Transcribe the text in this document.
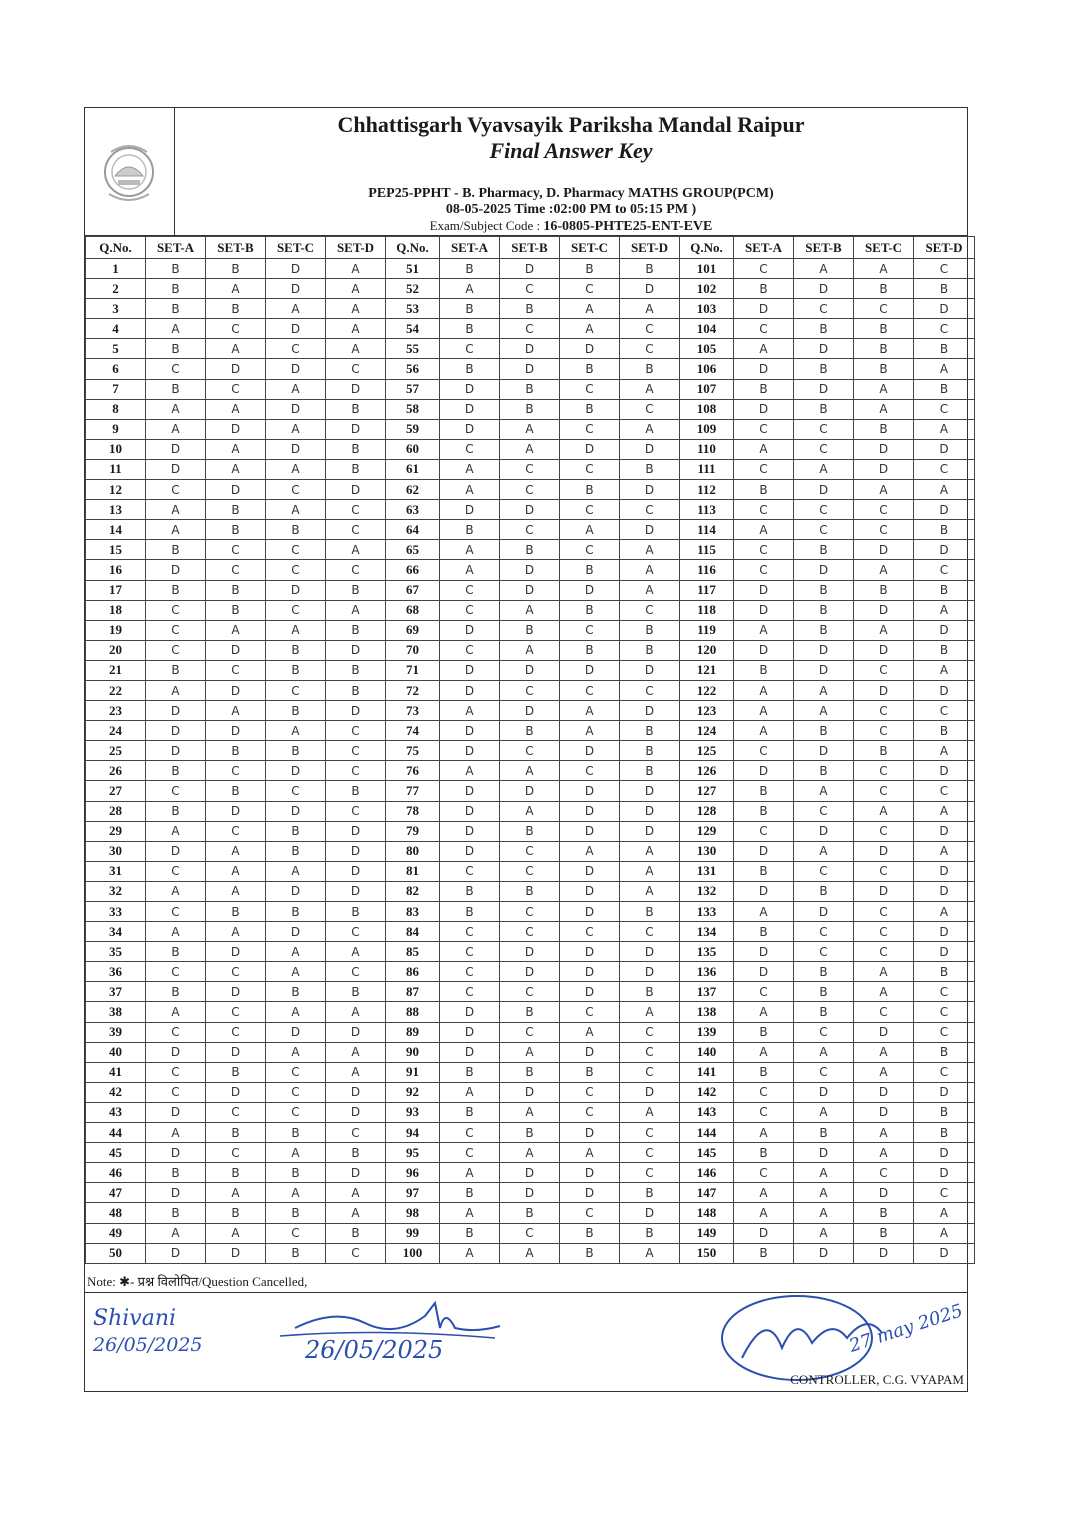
Chhattisgarh Vyavsayik Pariksha Mandal Raipur
Final Answer Key
PEP25-PPHT - B. Pharmacy, D. Pharmacy MATHS GROUP(PCM)
08-05-2025 Time :02:00 PM to 05:15 PM )
Exam/Subject Code : 16-0805-PHTE25-ENT-EVE
Q.No.	SET-A	SET-B	SET-C	SET-D	Q.No.	SET-A	SET-B	SET-C	SET-D	Q.No.	SET-A	SET-B	SET-C	SET-D
1	B	B	D	A	51	B	D	B	B	101	C	A	A	C
2	B	A	D	A	52	A	C	C	D	102	B	D	B	B
3	B	B	A	A	53	B	B	A	A	103	D	C	C	D
4	A	C	D	A	54	B	C	A	C	104	C	B	B	C
5	B	A	C	A	55	C	D	D	C	105	A	D	B	B
6	C	D	D	C	56	B	D	B	B	106	D	B	B	A
7	B	C	A	D	57	D	B	C	A	107	B	D	A	B
8	A	A	D	B	58	D	B	B	C	108	D	B	A	C
9	A	D	A	D	59	D	A	C	A	109	C	C	B	A
10	D	A	D	B	60	C	A	D	D	110	A	C	D	D
11	D	A	A	B	61	A	C	C	B	111	C	A	D	C
12	C	D	C	D	62	A	C	B	D	112	B	D	A	A
13	A	B	A	C	63	D	D	C	C	113	C	C	C	D
14	A	B	B	C	64	B	C	A	D	114	A	C	C	B
15	B	C	C	A	65	A	B	C	A	115	C	B	D	D
16	D	C	C	C	66	A	D	B	A	116	C	D	A	C
17	B	B	D	B	67	C	D	D	A	117	D	B	B	B
18	C	B	C	A	68	C	A	B	C	118	D	B	D	A
19	C	A	A	B	69	D	B	C	B	119	A	B	A	D
20	C	D	B	D	70	C	A	B	B	120	D	D	D	B
21	B	C	B	B	71	D	D	D	D	121	B	D	C	A
22	A	D	C	B	72	D	C	C	C	122	A	A	D	D
23	D	A	B	D	73	A	D	A	D	123	A	A	C	C
24	D	D	A	C	74	D	B	A	B	124	A	B	C	B
25	D	B	B	C	75	D	C	D	B	125	C	D	B	A
26	B	C	D	C	76	A	A	C	B	126	D	B	C	D
27	C	B	C	B	77	D	D	D	D	127	B	A	C	C
28	B	D	D	C	78	D	A	D	D	128	B	C	A	A
29	A	C	B	D	79	D	B	D	D	129	C	D	C	D
30	D	A	B	D	80	D	C	A	A	130	D	A	D	A
31	C	A	A	D	81	C	C	D	A	131	B	C	C	D
32	A	A	D	D	82	B	B	D	A	132	D	B	D	D
33	C	B	B	B	83	B	C	D	B	133	A	D	C	A
34	A	A	D	C	84	C	C	C	C	134	B	C	C	D
35	B	D	A	A	85	C	D	D	D	135	D	C	C	D
36	C	C	A	C	86	C	D	D	D	136	D	B	A	B
37	B	D	B	B	87	C	C	D	B	137	C	B	A	C
38	A	C	A	A	88	D	B	C	A	138	A	B	C	C
39	C	C	D	D	89	D	C	A	C	139	B	C	D	C
40	D	D	A	A	90	D	A	D	C	140	A	A	A	B
41	C	B	C	A	91	B	B	B	C	141	B	C	A	C
42	C	D	C	D	92	A	D	C	D	142	C	D	D	D
43	D	C	C	D	93	B	A	C	A	143	C	A	D	B
44	A	B	B	C	94	C	B	D	C	144	A	B	A	B
45	D	C	A	B	95	C	A	A	C	145	B	D	A	D
46	B	B	B	D	96	A	D	D	C	146	C	A	C	D
47	D	A	A	A	97	B	D	D	B	147	A	A	D	C
48	B	B	B	A	98	A	B	C	D	148	A	A	B	A
49	A	A	C	B	99	B	C	B	B	149	D	A	B	A
50	D	D	B	C	100	A	A	B	A	150	B	D	D	D
Note: ✱- प्रश्न विलोपित/Question Cancelled,
Shivani
26/05/2025	26/05/2025	27 may 2025
CONTROLLER, C.G. VYAPAM
